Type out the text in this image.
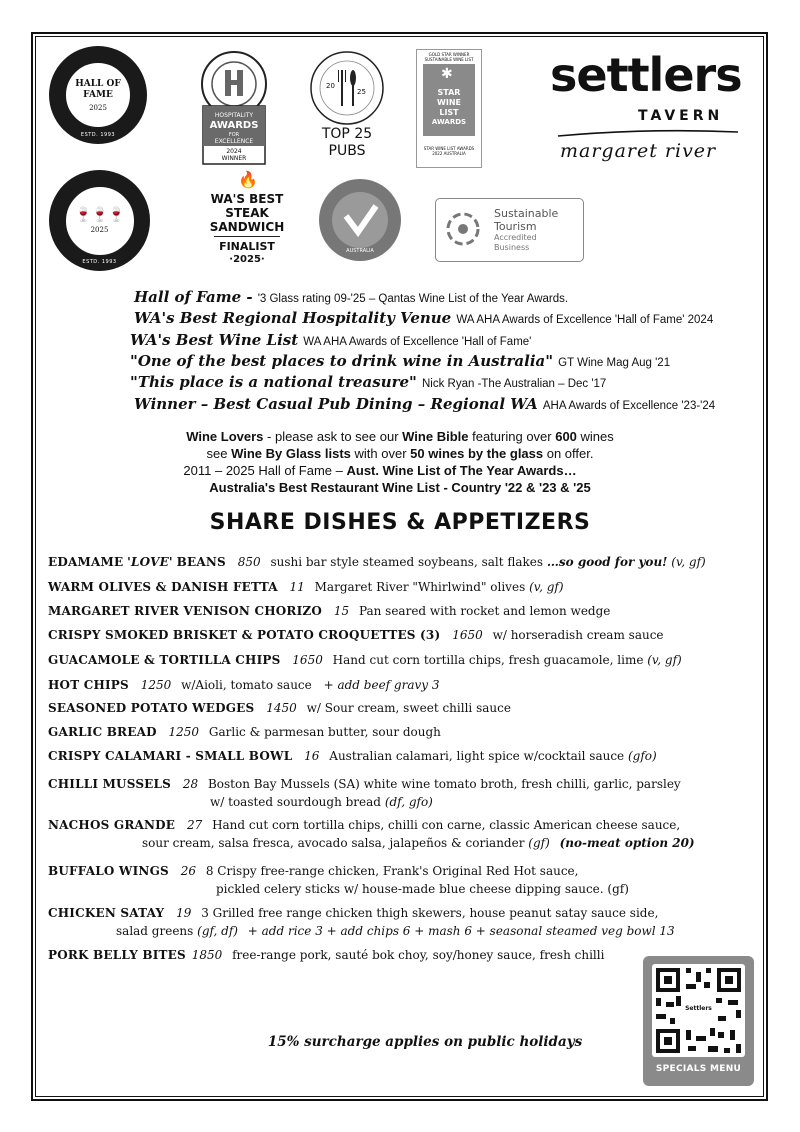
HALL OF FAME
2025
ESTD. 1993
HOSPITALITY
AWARDS
FOR
EXCELLENCE
2024
WINNER
20
25
TOP 25
PUBS
GOLD STAR WINNER SUSTAINABLE WINE LIST
✱
STAR
WINE
LIST
AWARDS
STAR WINE LIST AWARDS 2022 AUSTRALIA
settlers
TAVERN
margaret river
🍷🍷🍷
2025
ESTD. 1993
🔥
WA'S BEST
STEAK
SANDWICH
FINALIST
·2025·
AUSTRALIA
Sustainable
Tourism
Accredited
Business
Hall of Fame - '3 Glass rating 09-'25 – Qantas Wine List of the Year Awards.
WA's Best Regional Hospitality Venue WA AHA Awards of Excellence 'Hall of Fame' 2024
WA's Best Wine List WA AHA Awards of Excellence 'Hall of Fame'
"One of the best places to drink wine in Australia" GT Wine Mag Aug '21
"This place is a national treasure" Nick Ryan -The Australian – Dec '17
Winner – Best Casual Pub Dining – Regional WA AHA Awards of Excellence '23-'24
Wine Lovers - please ask to see our Wine Bible featuring over 600 wines
see Wine By Glass lists with over 50 wines by the glass on offer.
2011 – 2025 Hall of Fame – Aust. Wine List of The Year Awards…
Australia's Best Restaurant Wine List - Country '22 & '23 & '25
SHARE DISHES & APPETIZERS
EDAMAME 'LOVE' BEANS 850 sushi bar style steamed soybeans, salt flakes …so good for you! (v, gf)
WARM OLIVES & DANISH FETTA 11 Margaret River "Whirlwind" olives (v, gf)
MARGARET RIVER VENISON CHORIZO 15 Pan seared with rocket and lemon wedge
CRISPY SMOKED BRISKET & POTATO CROQUETTES (3) 1650 w/ horseradish cream sauce
GUACAMOLE & TORTILLA CHIPS 1650 Hand cut corn tortilla chips, fresh guacamole, lime (v, gf)
HOT CHIPS 1250 w/Aioli, tomato sauce + add beef gravy 3
SEASONED POTATO WEDGES 1450 w/ Sour cream, sweet chilli sauce
GARLIC BREAD 1250 Garlic & parmesan butter, sour dough
CRISPY CALAMARI - SMALL BOWL 16 Australian calamari, light spice w/cocktail sauce (gfo)
CHILLI MUSSELS 28 Boston Bay Mussels (SA) white wine tomato broth, fresh chilli, garlic, parsley
w/ toasted sourdough bread (df, gfo)
NACHOS GRANDE 27 Hand cut corn tortilla chips, chilli con carne, classic American cheese sauce,
sour cream, salsa fresca, avocado salsa, jalapeños & coriander (gf) (no-meat option 20)
BUFFALO WINGS 26 8 Crispy free-range chicken, Frank's Original Red Hot sauce,
pickled celery sticks w/ house-made blue cheese dipping sauce. (gf)
CHICKEN SATAY 19 3 Grilled free range chicken thigh skewers, house peanut satay sauce side,
salad greens (gf, df) + add rice 3 + add chips 6 + mash 6 + seasonal steamed veg bowl 13
PORK BELLY BITES 1850 free-range pork, sauté bok choy, soy/honey sauce, fresh chilli
15% surcharge applies on public holidays
Settlers
SPECIALS MENU
